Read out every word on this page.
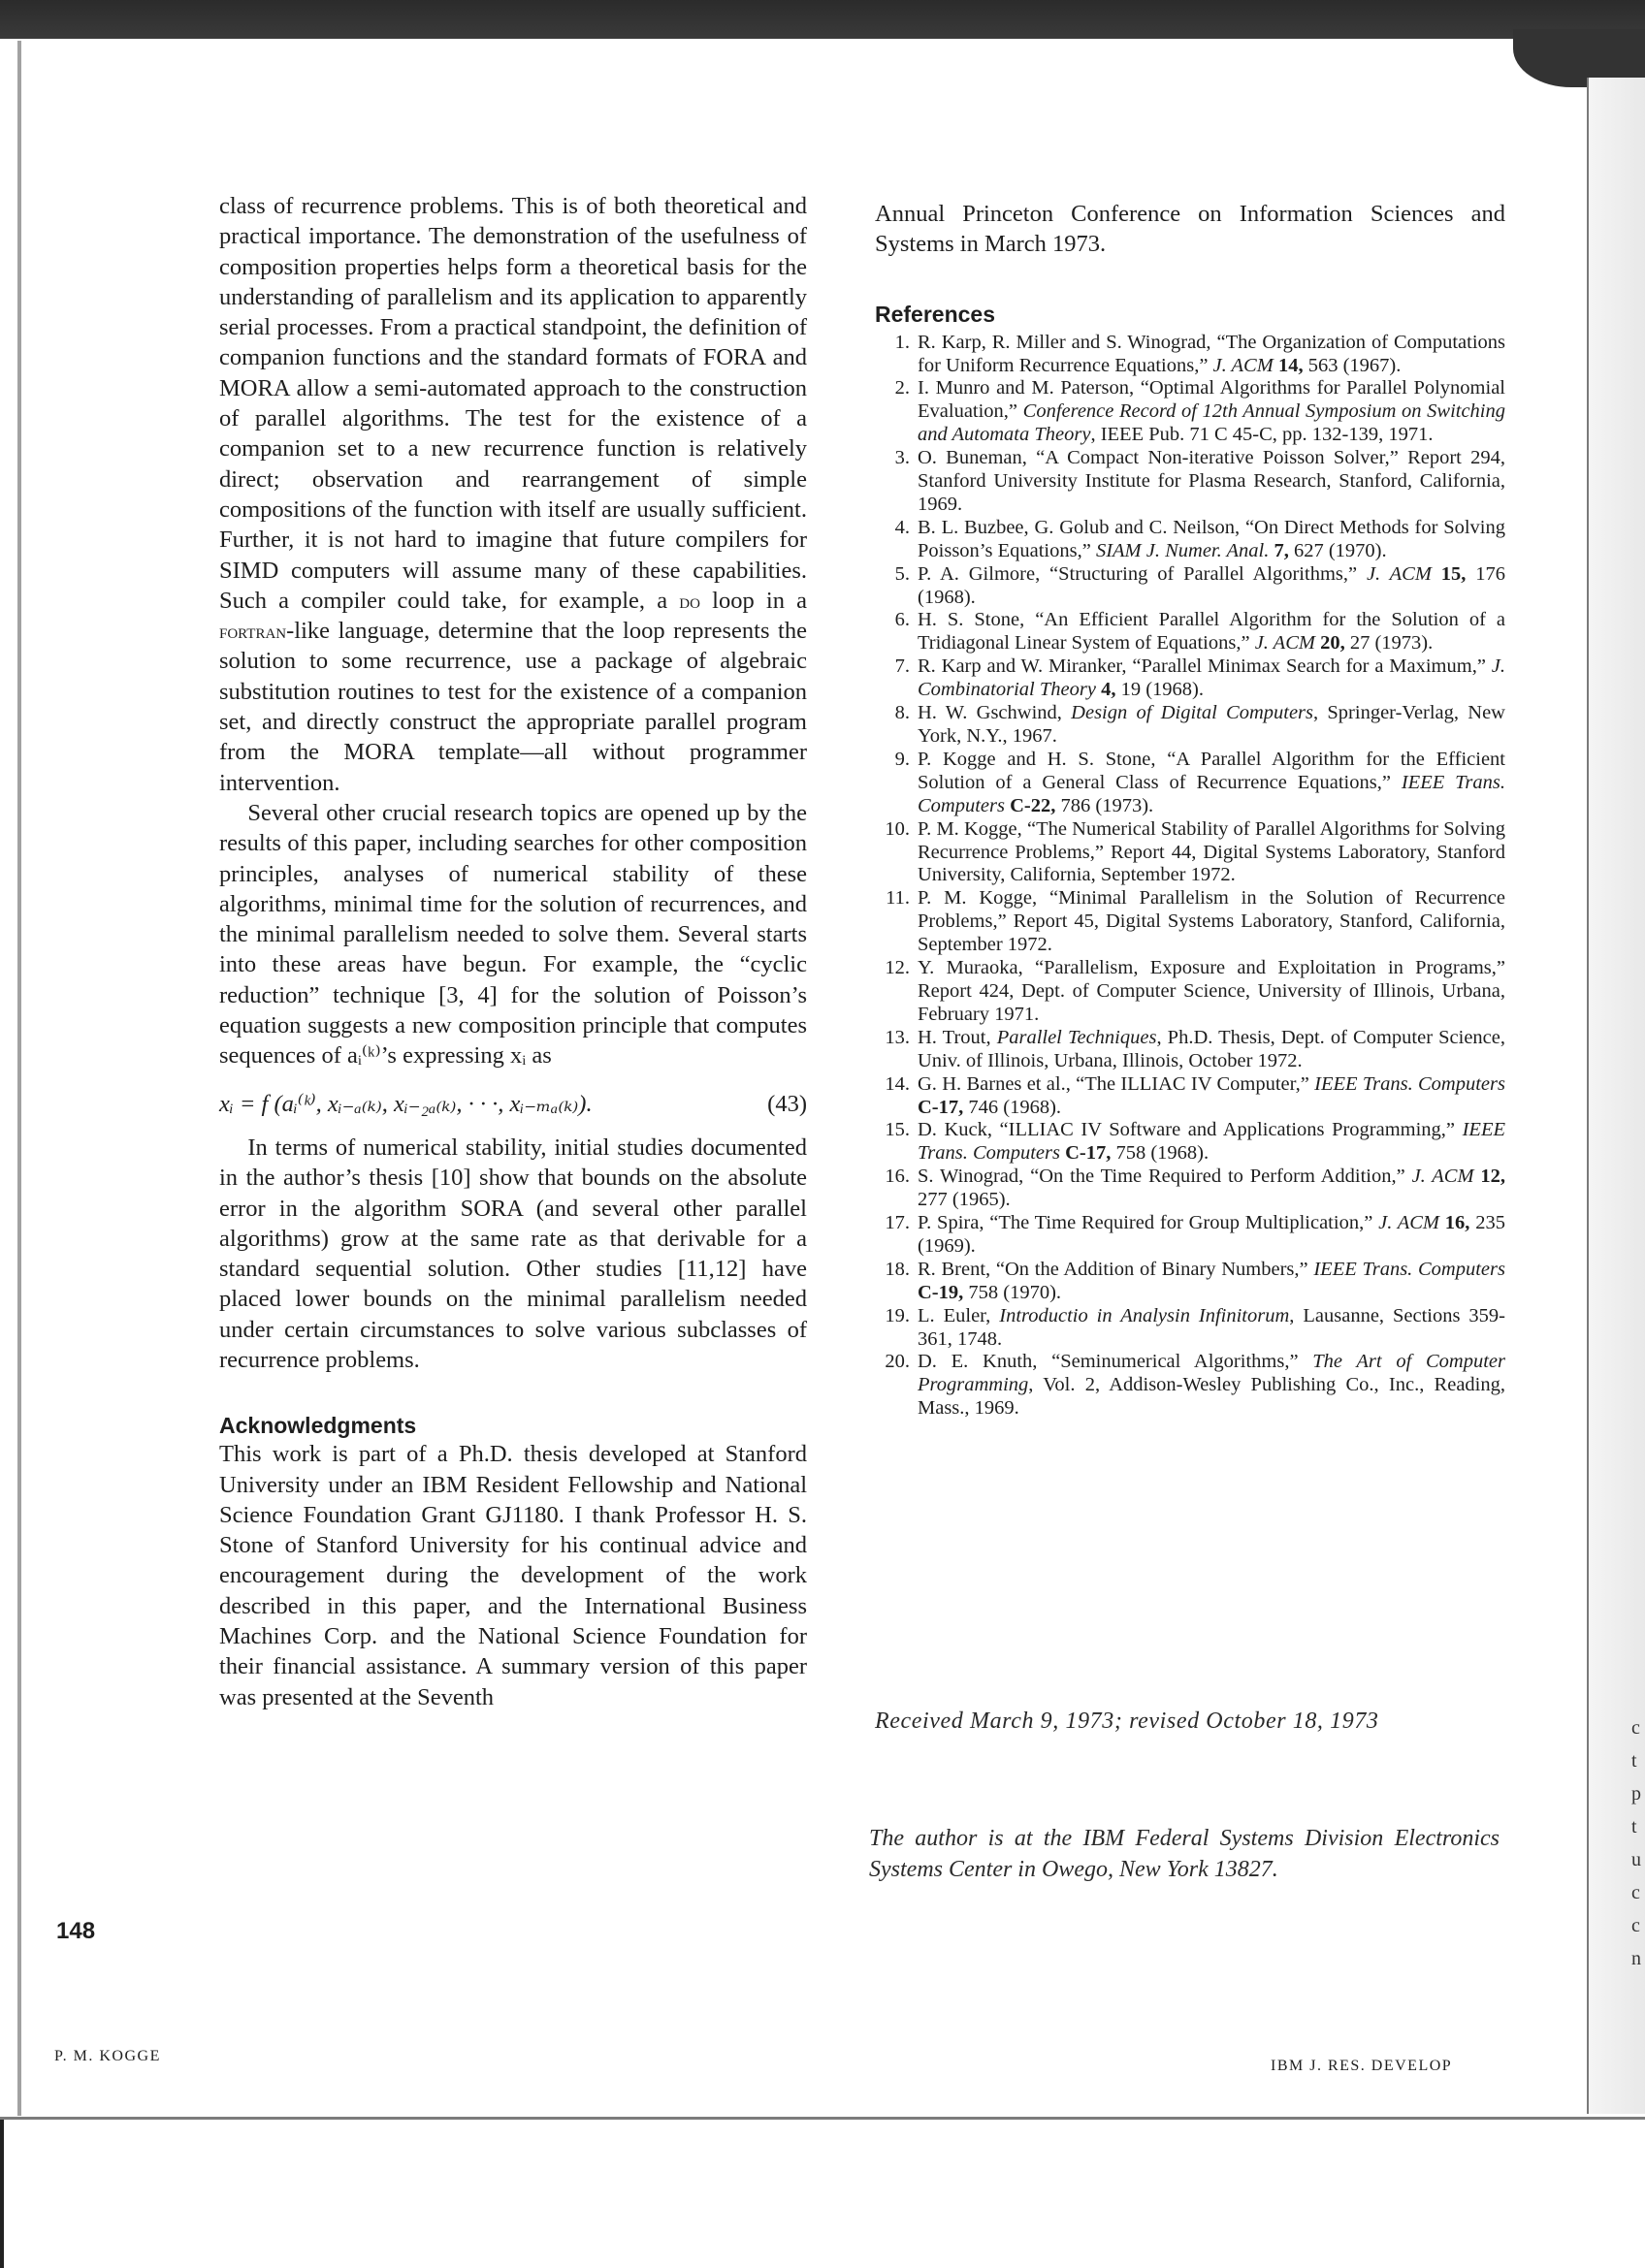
c
t
p
t
u
c
c
n

class of recurrence problems. This is of both theoretical and practical importance. The demonstration of the usefulness of composition properties helps form a theoretical basis for the understanding of parallelism and its application to apparently serial processes. From a practical standpoint, the definition of companion functions and the standard formats of FORA and MORA allow a semi-automated approach to the construction of parallel algorithms. The test for the existence of a companion set to a new recurrence function is relatively direct; observation and rearrangement of simple compositions of the function with itself are usually sufficient. Further, it is not hard to imagine that future compilers for SIMD computers will assume many of these capabilities. Such a compiler could take, for example, a do loop in a fortran-like language, determine that the loop represents the solution to some recurrence, use a package of algebraic substitution routines to test for the existence of a companion set, and directly construct the appropriate parallel program from the MORA template—all without programmer intervention.

Several other crucial research topics are opened up by the results of this paper, including searches for other composition principles, analyses of numerical stability of these algorithms, minimal time for the solution of recurrences, and the minimal parallelism needed to solve them. Several starts into these areas have begun. For example, the “cyclic reduction” technique [3, 4] for the solution of Poisson’s equation suggests a new composition principle that computes sequences of aᵢ⁽ᵏ⁾’s expressing xᵢ as

xᵢ = f (aᵢ⁽ᵏ⁾, xᵢ₋ₐ₍ₖ₎, xᵢ₋₂ₐ₍ₖ₎, · · ·, xᵢ₋ₘₐ₍ₖ₎).	(43)

In terms of numerical stability, initial studies documented in the author’s thesis [10] show that bounds on the absolute error in the algorithm SORA (and several other parallel algorithms) grow at the same rate as that derivable for a standard sequential solution. Other studies [11,12] have placed lower bounds on the minimal parallelism needed under certain circumstances to solve various subclasses of recurrence problems.

Acknowledgments

This work is part of a Ph.D. thesis developed at Stanford University under an IBM Resident Fellowship and National Science Foundation Grant GJ1180. I thank Professor H. S. Stone of Stanford University for his continual advice and encouragement during the development of the work described in this paper, and the International Business Machines Corp. and the National Science Foundation for their financial assistance. A summary version of this paper was presented at the Seventh

Annual Princeton Conference on Information Sciences and Systems in March 1973.

References
1. R. Karp, R. Miller and S. Winograd, “The Organization of Computations for Uniform Recurrence Equations,” J. ACM 14, 563 (1967).
2. I. Munro and M. Paterson, “Optimal Algorithms for Parallel Polynomial Evaluation,” Conference Record of 12th Annual Symposium on Switching and Automata Theory, IEEE Pub. 71 C 45-C, pp. 132-139, 1971.
3. O. Buneman, “A Compact Non-iterative Poisson Solver,” Report 294, Stanford University Institute for Plasma Research, Stanford, California, 1969.
4. B. L. Buzbee, G. Golub and C. Neilson, “On Direct Methods for Solving Poisson’s Equations,” SIAM J. Numer. Anal. 7, 627 (1970).
5. P. A. Gilmore, “Structuring of Parallel Algorithms,” J. ACM 15, 176 (1968).
6. H. S. Stone, “An Efficient Parallel Algorithm for the Solution of a Tridiagonal Linear System of Equations,” J. ACM 20, 27 (1973).
7. R. Karp and W. Miranker, “Parallel Minimax Search for a Maximum,” J. Combinatorial Theory 4, 19 (1968).
8. H. W. Gschwind, Design of Digital Computers, Springer-Verlag, New York, N.Y., 1967.
9. P. Kogge and H. S. Stone, “A Parallel Algorithm for the Efficient Solution of a General Class of Recurrence Equations,” IEEE Trans. Computers C-22, 786 (1973).
10. P. M. Kogge, “The Numerical Stability of Parallel Algorithms for Solving Recurrence Problems,” Report 44, Digital Systems Laboratory, Stanford University, California, September 1972.
11. P. M. Kogge, “Minimal Parallelism in the Solution of Recurrence Problems,” Report 45, Digital Systems Laboratory, Stanford, California, September 1972.
12. Y. Muraoka, “Parallelism, Exposure and Exploitation in Programs,” Report 424, Dept. of Computer Science, University of Illinois, Urbana, February 1971.
13. H. Trout, Parallel Techniques, Ph.D. Thesis, Dept. of Computer Science, Univ. of Illinois, Urbana, Illinois, October 1972.
14. G. H. Barnes et al., “The ILLIAC IV Computer,” IEEE Trans. Computers C-17, 746 (1968).
15. D. Kuck, “ILLIAC IV Software and Applications Programming,” IEEE Trans. Computers C-17, 758 (1968).
16. S. Winograd, “On the Time Required to Perform Addition,” J. ACM 12, 277 (1965).
17. P. Spira, “The Time Required for Group Multiplication,” J. ACM 16, 235 (1969).
18. R. Brent, “On the Addition of Binary Numbers,” IEEE Trans. Computers C-19, 758 (1970).
19. L. Euler, Introductio in Analysin Infinitorum, Lausanne, Sections 359-361, 1748.
20. D. E. Knuth, “Seminumerical Algorithms,” The Art of Computer Programming, Vol. 2, Addison-Wesley Publishing Co., Inc., Reading, Mass., 1969.
Received March 9, 1973; revised October 18, 1973
The author is at the IBM Federal Systems Division Electronics Systems Center in Owego, New York 13827.
148
P. M. KOGGE
IBM J. RES. DEVELOP
